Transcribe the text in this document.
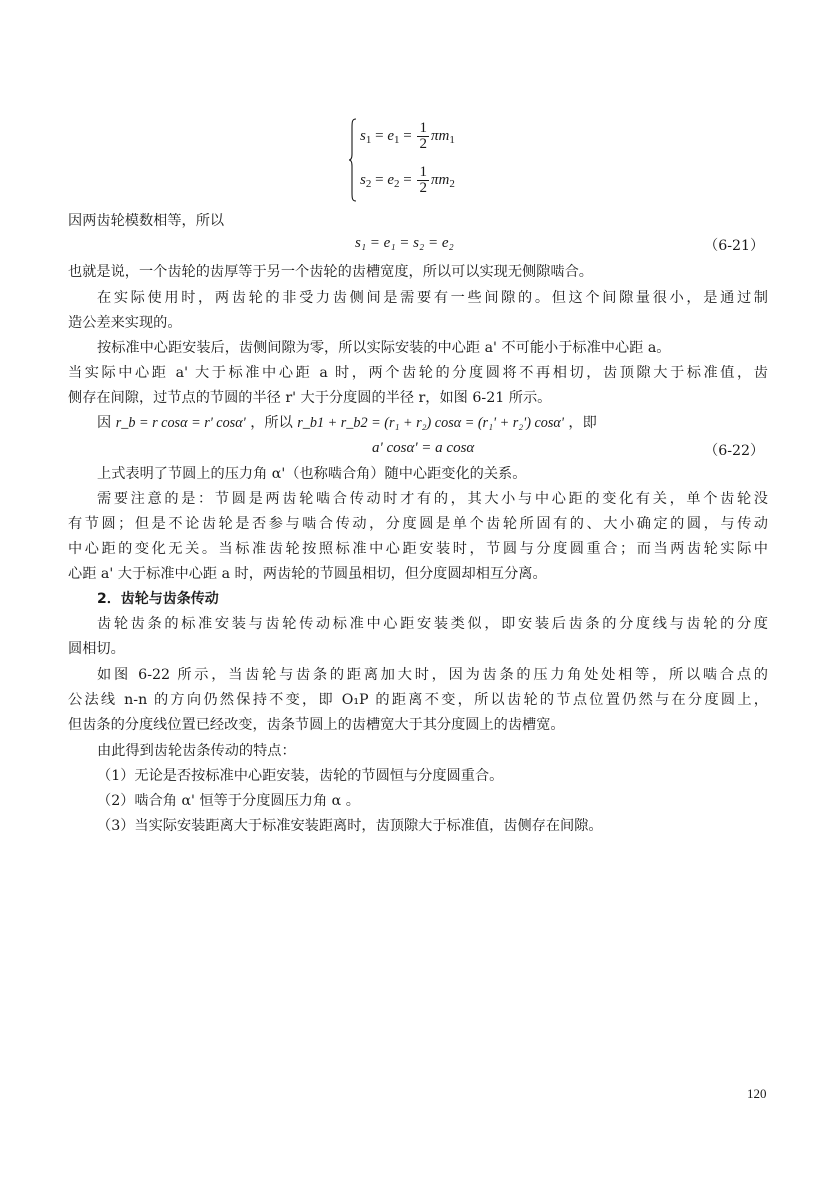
$s_1 = e_1 = \frac{1}{2} \pi m_1$
$s_2 = e_2 = \frac{1}{2} \pi m_2$
因两齿轮模数相等，所以
s₁ = e₁ = s₂ = e₂	（6-21）
也就是说，一个齿轮的齿厚等于另一个齿轮的齿槽宽度，所以可以实现无侧隙啮合。
在实际使用时，两齿轮的非受力齿侧间是需要有一些间隙的。但这个间隙量很小，是通过制
造公差来实现的。
按标准中心距安装后，齿侧间隙为零，所以实际安装的中心距 a' 不可能小于标准中心距 a。
当实际中心距 a' 大于标准中心距 a 时，两个齿轮的分度圆将不再相切，齿顶隙大于标准值，齿
侧存在间隙，过节点的节圆的半径 r' 大于分度圆的半径 r，如图 6-21 所示。
因 r_b = r cosα = r' cosα' ，所以 r_b1 + r_b2 = (r₁ + r₂) cosα = (r₁' + r₂') cosα' ，即
a' cosα' = a cosα	（6-22）
上式表明了节圆上的压力角 α'（也称啮合角）随中心距变化的关系。
需要注意的是：节圆是两齿轮啮合传动时才有的，其大小与中心距的变化有关，单个齿轮没
有节圆；但是不论齿轮是否参与啮合传动，分度圆是单个齿轮所固有的、大小确定的圆，与传动
中心距的变化无关。当标准齿轮按照标准中心距安装时，节圆与分度圆重合；而当两齿轮实际中
心距 a' 大于标准中心距 a 时，两齿轮的节圆虽相切，但分度圆却相互分离。
2．齿轮与齿条传动
齿轮齿条的标准安装与齿轮传动标准中心距安装类似，即安装后齿条的分度线与齿轮的分度
圆相切。
如图 6-22 所示，当齿轮与齿条的距离加大时，因为齿条的压力角处处相等，所以啮合点的
公法线 n-n 的方向仍然保持不变，即 O₁P 的距离不变，所以齿轮的节点位置仍然与在分度圆上，
但齿条的分度线位置已经改变，齿条节圆上的齿槽宽大于其分度圆上的齿槽宽。
由此得到齿轮齿条传动的特点：
（1）无论是否按标准中心距安装，齿轮的节圆恒与分度圆重合。
（2）啮合角 α' 恒等于分度圆压力角 α 。
（3）当实际安装距离大于标准安装距离时，齿顶隙大于标准值，齿侧存在间隙。
120
